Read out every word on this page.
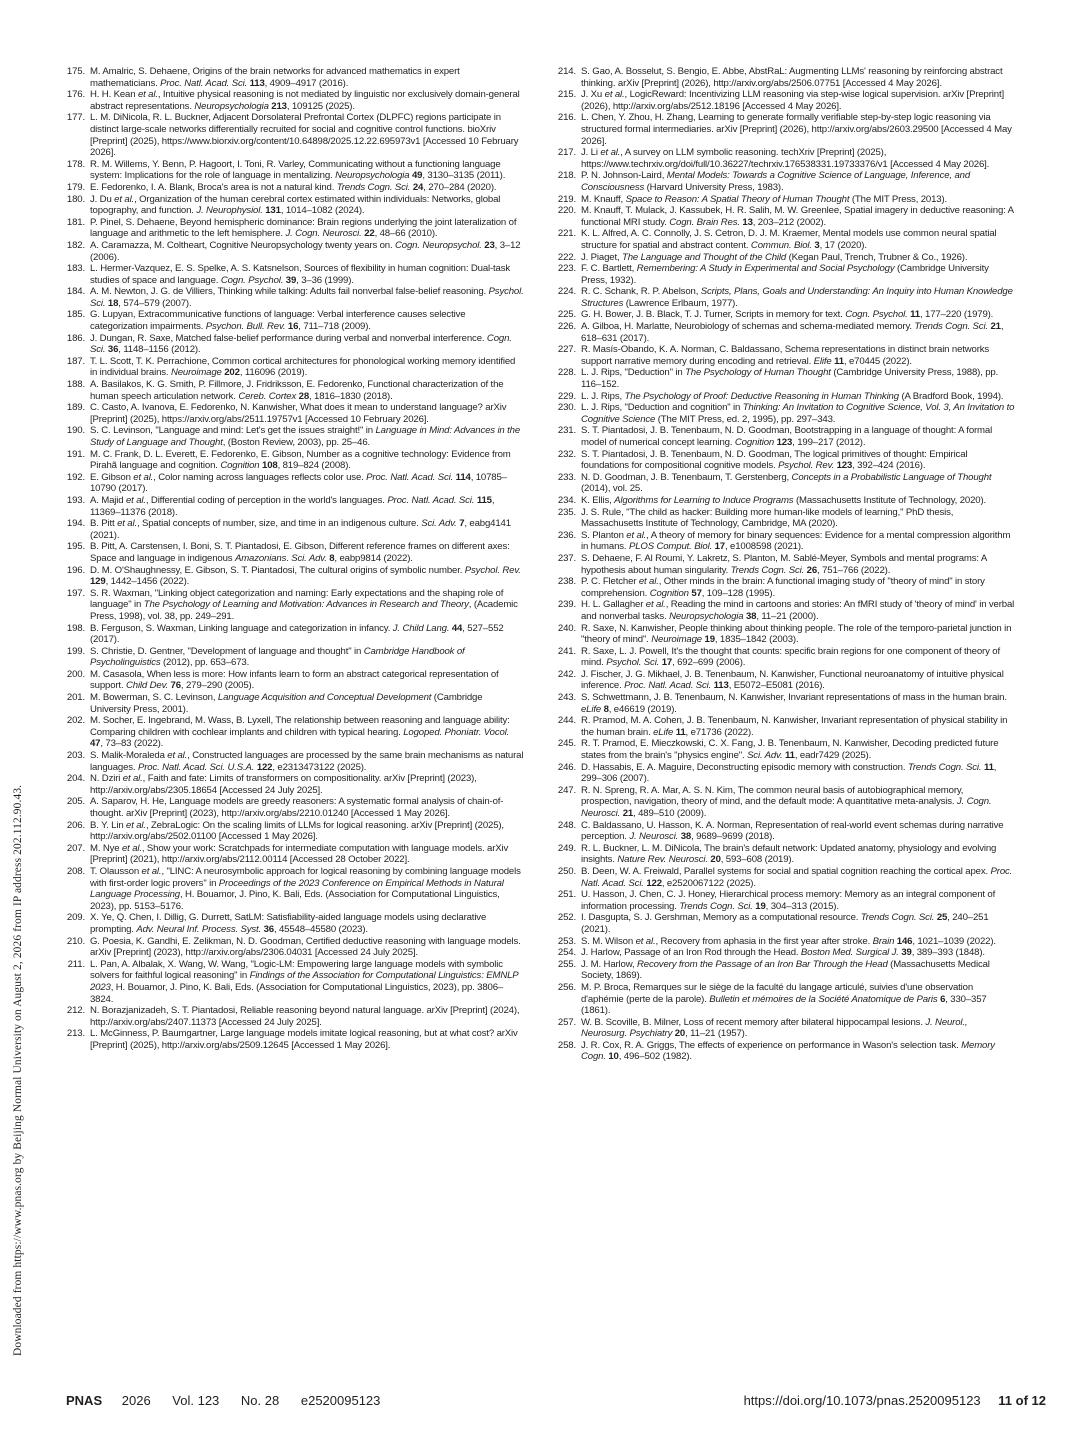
Downloaded from https://www.pnas.org by Beijing Normal University on August 2, 2026 from IP address 202.112.90.43.
175. M. Amalric, S. Dehaene, Origins of the brain networks for advanced mathematics in expert mathematicians. Proc. Natl. Acad. Sci. 113, 4909–4917 (2016).
176. H. H. Kean et al., Intuitive physical reasoning is not mediated by linguistic nor exclusively domain-general abstract representations. Neuropsychologia 213, 109125 (2025).
177. L. M. DiNicola, R. L. Buckner, Adjacent Dorsolateral Prefrontal Cortex (DLPFC) regions participate in distinct large-scale networks differentially recruited for social and cognitive control functions. bioXriv [Preprint] (2025), https://www.biorxiv.org/content/10.64898/2025.12.22.695973v1 [Accessed 10 February 2026].
178. R. M. Willems, Y. Benn, P. Hagoort, I. Toni, R. Varley, Communicating without a functioning language system: Implications for the role of language in mentalizing. Neuropsychologia 49, 3130–3135 (2011).
179. E. Fedorenko, I. A. Blank, Broca's area is not a natural kind. Trends Cogn. Sci. 24, 270–284 (2020).
180. J. Du et al., Organization of the human cerebral cortex estimated within individuals: Networks, global topography, and function. J. Neurophysiol. 131, 1014–1082 (2024).
181. P. Pinel, S. Dehaene, Beyond hemispheric dominance: Brain regions underlying the joint lateralization of language and arithmetic to the left hemisphere. J. Cogn. Neurosci. 22, 48–66 (2010).
182. A. Caramazza, M. Coltheart, Cognitive Neuropsychology twenty years on. Cogn. Neuropsychol. 23, 3–12 (2006).
183. L. Hermer-Vazquez, E. S. Spelke, A. S. Katsnelson, Sources of flexibility in human cognition: Dual-task studies of space and language. Cogn. Psychol. 39, 3–36 (1999).
184. A. M. Newton, J. G. de Villiers, Thinking while talking: Adults fail nonverbal false-belief reasoning. Psychol. Sci. 18, 574–579 (2007).
185. G. Lupyan, Extracommunicative functions of language: Verbal interference causes selective categorization impairments. Psychon. Bull. Rev. 16, 711–718 (2009).
186. J. Dungan, R. Saxe, Matched false-belief performance during verbal and nonverbal interference. Cogn. Sci. 36, 1148–1156 (2012).
187. T. L. Scott, T. K. Perrachione, Common cortical architectures for phonological working memory identified in individual brains. Neuroimage 202, 116096 (2019).
188. A. Basilakos, K. G. Smith, P. Fillmore, J. Fridriksson, E. Fedorenko, Functional characterization of the human speech articulation network. Cereb. Cortex 28, 1816–1830 (2018).
189. C. Casto, A. Ivanova, E. Fedorenko, N. Kanwisher, What does it mean to understand language? arXiv [Preprint] (2025), https://arxiv.org/abs/2511.19757v1 [Accessed 10 February 2026].
190. S. C. Levinson, "Language and mind: Let's get the issues straight!" in Language in Mind: Advances in the Study of Language and Thought, (Boston Review, 2003), pp. 25–46.
191. M. C. Frank, D. L. Everett, E. Fedorenko, E. Gibson, Number as a cognitive technology: Evidence from Pirahã language and cognition. Cognition 108, 819–824 (2008).
192. E. Gibson et al., Color naming across languages reflects color use. Proc. Natl. Acad. Sci. 114, 10785–10790 (2017).
193. A. Majid et al., Differential coding of perception in the world's languages. Proc. Natl. Acad. Sci. 115, 11369–11376 (2018).
194. B. Pitt et al., Spatial concepts of number, size, and time in an indigenous culture. Sci. Adv. 7, eabg4141 (2021).
195. B. Pitt, A. Carstensen, I. Boni, S. T. Piantadosi, E. Gibson, Different reference frames on different axes: Space and language in indigenous Amazonians. Sci. Adv. 8, eabp9814 (2022).
196. D. M. O'Shaughnessy, E. Gibson, S. T. Piantadosi, The cultural origins of symbolic number. Psychol. Rev. 129, 1442–1456 (2022).
197. S. R. Waxman, "Linking object categorization and naming: Early expectations and the shaping role of language" in The Psychology of Learning and Motivation: Advances in Research and Theory, (Academic Press, 1998), vol. 38, pp. 249–291.
198. B. Ferguson, S. Waxman, Linking language and categorization in infancy. J. Child Lang. 44, 527–552 (2017).
199. S. Christie, D. Gentner, "Development of language and thought" in Cambridge Handbook of Psycholinguistics (2012), pp. 653–673.
200. M. Casasola, When less is more: How infants learn to form an abstract categorical representation of support. Child Dev. 76, 279–290 (2005).
201. M. Bowerman, S. C. Levinson, Language Acquisition and Conceptual Development (Cambridge University Press, 2001).
202. M. Socher, E. Ingebrand, M. Wass, B. Lyxell, The relationship between reasoning and language ability: Comparing children with cochlear implants and children with typical hearing. Logoped. Phoniatr. Vocol. 47, 73–83 (2022).
203. S. Malik-Moraleda et al., Constructed languages are processed by the same brain mechanisms as natural languages. Proc. Natl. Acad. Sci. U.S.A. 122, e2313473122 (2025).
204. N. Dziri et al., Faith and fate: Limits of transformers on compositionality. arXiv [Preprint] (2023), http://arxiv.org/abs/2305.18654 [Accessed 24 July 2025].
205. A. Saparov, H. He, Language models are greedy reasoners: A systematic formal analysis of chain-of-thought. arXiv [Preprint] (2023), http://arxiv.org/abs/2210.01240 [Accessed 1 May 2026].
206. B. Y. Lin et al., ZebraLogic: On the scaling limits of LLMs for logical reasoning. arXiv [Preprint] (2025), http://arxiv.org/abs/2502.01100 [Accessed 1 May 2026].
207. M. Nye et al., Show your work: Scratchpads for intermediate computation with language models. arXiv [Preprint] (2021), http://arxiv.org/abs/2112.00114 [Accessed 28 October 2022].
208. T. Olausson et al., "LINC: A neurosymbolic approach for logical reasoning by combining language models with first-order logic provers" in Proceedings of the 2023 Conference on Empirical Methods in Natural Language Processing, H. Bouamor, J. Pino, K. Bali, Eds. (Association for Computational Linguistics, 2023), pp. 5153–5176.
209. X. Ye, Q. Chen, I. Dillig, G. Durrett, SatLM: Satisfiability-aided language models using declarative prompting. Adv. Neural Inf. Process. Syst. 36, 45548–45580 (2023).
210. G. Poesia, K. Gandhi, E. Zelikman, N. D. Goodman, Certified deductive reasoning with language models. arXiv [Preprint] (2023), http://arxiv.org/abs/2306.04031 [Accessed 24 July 2025].
211. L. Pan, A. Albalak, X. Wang, W. Wang, "Logic-LM: Empowering large language models with symbolic solvers for faithful logical reasoning" in Findings of the Association for Computational Linguistics: EMNLP 2023, H. Bouamor, J. Pino, K. Bali, Eds. (Association for Computational Linguistics, 2023), pp. 3806–3824.
212. N. Borazjanizadeh, S. T. Piantadosi, Reliable reasoning beyond natural language. arXiv [Preprint] (2024), http://arxiv.org/abs/2407.11373 [Accessed 24 July 2025].
213. L. McGinness, P. Baumgartner, Large language models imitate logical reasoning, but at what cost? arXiv [Preprint] (2025), http://arxiv.org/abs/2509.12645 [Accessed 1 May 2026].
214. S. Gao, A. Bosselut, S. Bengio, E. Abbe, AbstRaL: Augmenting LLMs' reasoning by reinforcing abstract thinking. arXiv [Preprint] (2026), http://arxiv.org/abs/2506.07751 [Accessed 4 May 2026].
215. J. Xu et al., LogicReward: Incentivizing LLM reasoning via step-wise logical supervision. arXiv [Preprint] (2026), http://arxiv.org/abs/2512.18196 [Accessed 4 May 2026].
216. L. Chen, Y. Zhou, H. Zhang, Learning to generate formally verifiable step-by-step logic reasoning via structured formal intermediaries. arXiv [Preprint] (2026), http://arxiv.org/abs/2603.29500 [Accessed 4 May 2026].
217. J. Li et al., A survey on LLM symbolic reasoning. techXriv [Preprint] (2025), https://www.techrxiv.org/doi/full/10.36227/techrxiv.176538331.19733376/v1 [Accessed 4 May 2026].
218. P. N. Johnson-Laird, Mental Models: Towards a Cognitive Science of Language, Inference, and Consciousness (Harvard University Press, 1983).
219. M. Knauff, Space to Reason: A Spatial Theory of Human Thought (The MIT Press, 2013).
220. M. Knauff, T. Mulack, J. Kassubek, H. R. Salih, M. W. Greenlee, Spatial imagery in deductive reasoning: A functional MRI study. Cogn. Brain Res. 13, 203–212 (2002).
221. K. L. Alfred, A. C. Connolly, J. S. Cetron, D. J. M. Kraemer, Mental models use common neural spatial structure for spatial and abstract content. Commun. Biol. 3, 17 (2020).
222. J. Piaget, The Language and Thought of the Child (Kegan Paul, Trench, Trubner & Co., 1926).
223. F. C. Bartlett, Remembering: A Study in Experimental and Social Psychology (Cambridge University Press, 1932).
224. R. C. Schank, R. P. Abelson, Scripts, Plans, Goals and Understanding: An Inquiry into Human Knowledge Structures (Lawrence Erlbaum, 1977).
225. G. H. Bower, J. B. Black, T. J. Turner, Scripts in memory for text. Cogn. Psychol. 11, 177–220 (1979).
226. A. Gilboa, H. Marlatte, Neurobiology of schemas and schema-mediated memory. Trends Cogn. Sci. 21, 618–631 (2017).
227. R. Masís-Obando, K. A. Norman, C. Baldassano, Schema representations in distinct brain networks support narrative memory during encoding and retrieval. Elife 11, e70445 (2022).
228. L. J. Rips, "Deduction" in The Psychology of Human Thought (Cambridge University Press, 1988), pp. 116–152.
229. L. J. Rips, The Psychology of Proof: Deductive Reasoning in Human Thinking (A Bradford Book, 1994).
230. L. J. Rips, "Deduction and cognition" in Thinking: An Invitation to Cognitive Science, Vol. 3, An Invitation to Cognitive Science (The MIT Press, ed. 2, 1995), pp. 297–343.
231. S. T. Piantadosi, J. B. Tenenbaum, N. D. Goodman, Bootstrapping in a language of thought: A formal model of numerical concept learning. Cognition 123, 199–217 (2012).
232. S. T. Piantadosi, J. B. Tenenbaum, N. D. Goodman, The logical primitives of thought: Empirical foundations for compositional cognitive models. Psychol. Rev. 123, 392–424 (2016).
233. N. D. Goodman, J. B. Tenenbaum, T. Gerstenberg, Concepts in a Probabilistic Language of Thought (2014), vol. 25.
234. K. Ellis, Algorithms for Learning to Induce Programs (Massachusetts Institute of Technology, 2020).
235. J. S. Rule, "The child as hacker: Building more human-like models of learning," PhD thesis, Massachusetts Institute of Technology, Cambridge, MA (2020).
236. S. Planton et al., A theory of memory for binary sequences: Evidence for a mental compression algorithm in humans. PLOS Comput. Biol. 17, e1008598 (2021).
237. S. Dehaene, F. Al Roumi, Y. Lakretz, S. Planton, M. Sablé-Meyer, Symbols and mental programs: A hypothesis about human singularity. Trends Cogn. Sci. 26, 751–766 (2022).
238. P. C. Fletcher et al., Other minds in the brain: A functional imaging study of "theory of mind" in story comprehension. Cognition 57, 109–128 (1995).
239. H. L. Gallagher et al., Reading the mind in cartoons and stories: An fMRI study of 'theory of mind' in verbal and nonverbal tasks. Neuropsychologia 38, 11–21 (2000).
240. R. Saxe, N. Kanwisher, People thinking about thinking people. The role of the temporo-parietal junction in "theory of mind". Neuroimage 19, 1835–1842 (2003).
241. R. Saxe, L. J. Powell, It's the thought that counts: specific brain regions for one component of theory of mind. Psychol. Sci. 17, 692–699 (2006).
242. J. Fischer, J. G. Mikhael, J. B. Tenenbaum, N. Kanwisher, Functional neuroanatomy of intuitive physical inference. Proc. Natl. Acad. Sci. 113, E5072–E5081 (2016).
243. S. Schwettmann, J. B. Tenenbaum, N. Kanwisher, Invariant representations of mass in the human brain. eLife 8, e46619 (2019).
244. R. Pramod, M. A. Cohen, J. B. Tenenbaum, N. Kanwisher, Invariant representation of physical stability in the human brain. eLife 11, e71736 (2022).
245. R. T. Pramod, E. Mieczkowski, C. X. Fang, J. B. Tenenbaum, N. Kanwisher, Decoding predicted future states from the brain's "physics engine". Sci. Adv. 11, eadr7429 (2025).
246. D. Hassabis, E. A. Maguire, Deconstructing episodic memory with construction. Trends Cogn. Sci. 11, 299–306 (2007).
247. R. N. Spreng, R. A. Mar, A. S. N. Kim, The common neural basis of autobiographical memory, prospection, navigation, theory of mind, and the default mode: A quantitative meta-analysis. J. Cogn. Neurosci. 21, 489–510 (2009).
248. C. Baldassano, U. Hasson, K. A. Norman, Representation of real-world event schemas during narrative perception. J. Neurosci. 38, 9689–9699 (2018).
249. R. L. Buckner, L. M. DiNicola, The brain's default network: Updated anatomy, physiology and evolving insights. Nature Rev. Neurosci. 20, 593–608 (2019).
250. B. Deen, W. A. Freiwald, Parallel systems for social and spatial cognition reaching the cortical apex. Proc. Natl. Acad. Sci. 122, e2520067122 (2025).
251. U. Hasson, J. Chen, C. J. Honey, Hierarchical process memory: Memory as an integral component of information processing. Trends Cogn. Sci. 19, 304–313 (2015).
252. I. Dasgupta, S. J. Gershman, Memory as a computational resource. Trends Cogn. Sci. 25, 240–251 (2021).
253. S. M. Wilson et al., Recovery from aphasia in the first year after stroke. Brain 146, 1021–1039 (2022).
254. J. Harlow, Passage of an Iron Rod through the Head. Boston Med. Surgical J. 39, 389–393 (1848).
255. J. M. Harlow, Recovery from the Passage of an Iron Bar Through the Head (Massachusetts Medical Society, 1869).
256. M. P. Broca, Remarques sur le siège de la faculté du langage articulé, suivies d'une observation d'aphémie (perte de la parole). Bulletin et mémoires de la Société Anatomique de Paris 6, 330–357 (1861).
257. W. B. Scoville, B. Milner, Loss of recent memory after bilateral hippocampal lesions. J. Neurol., Neurosurg. Psychiatry 20, 11–21 (1957).
258. J. R. Cox, R. A. Griggs, The effects of experience on performance in Wason's selection task. Memory Cogn. 10, 496–502 (1982).
PNAS 2026 Vol. 123 No. 28 e2520095123	https://doi.org/10.1073/pnas.2520095123 11 of 12
